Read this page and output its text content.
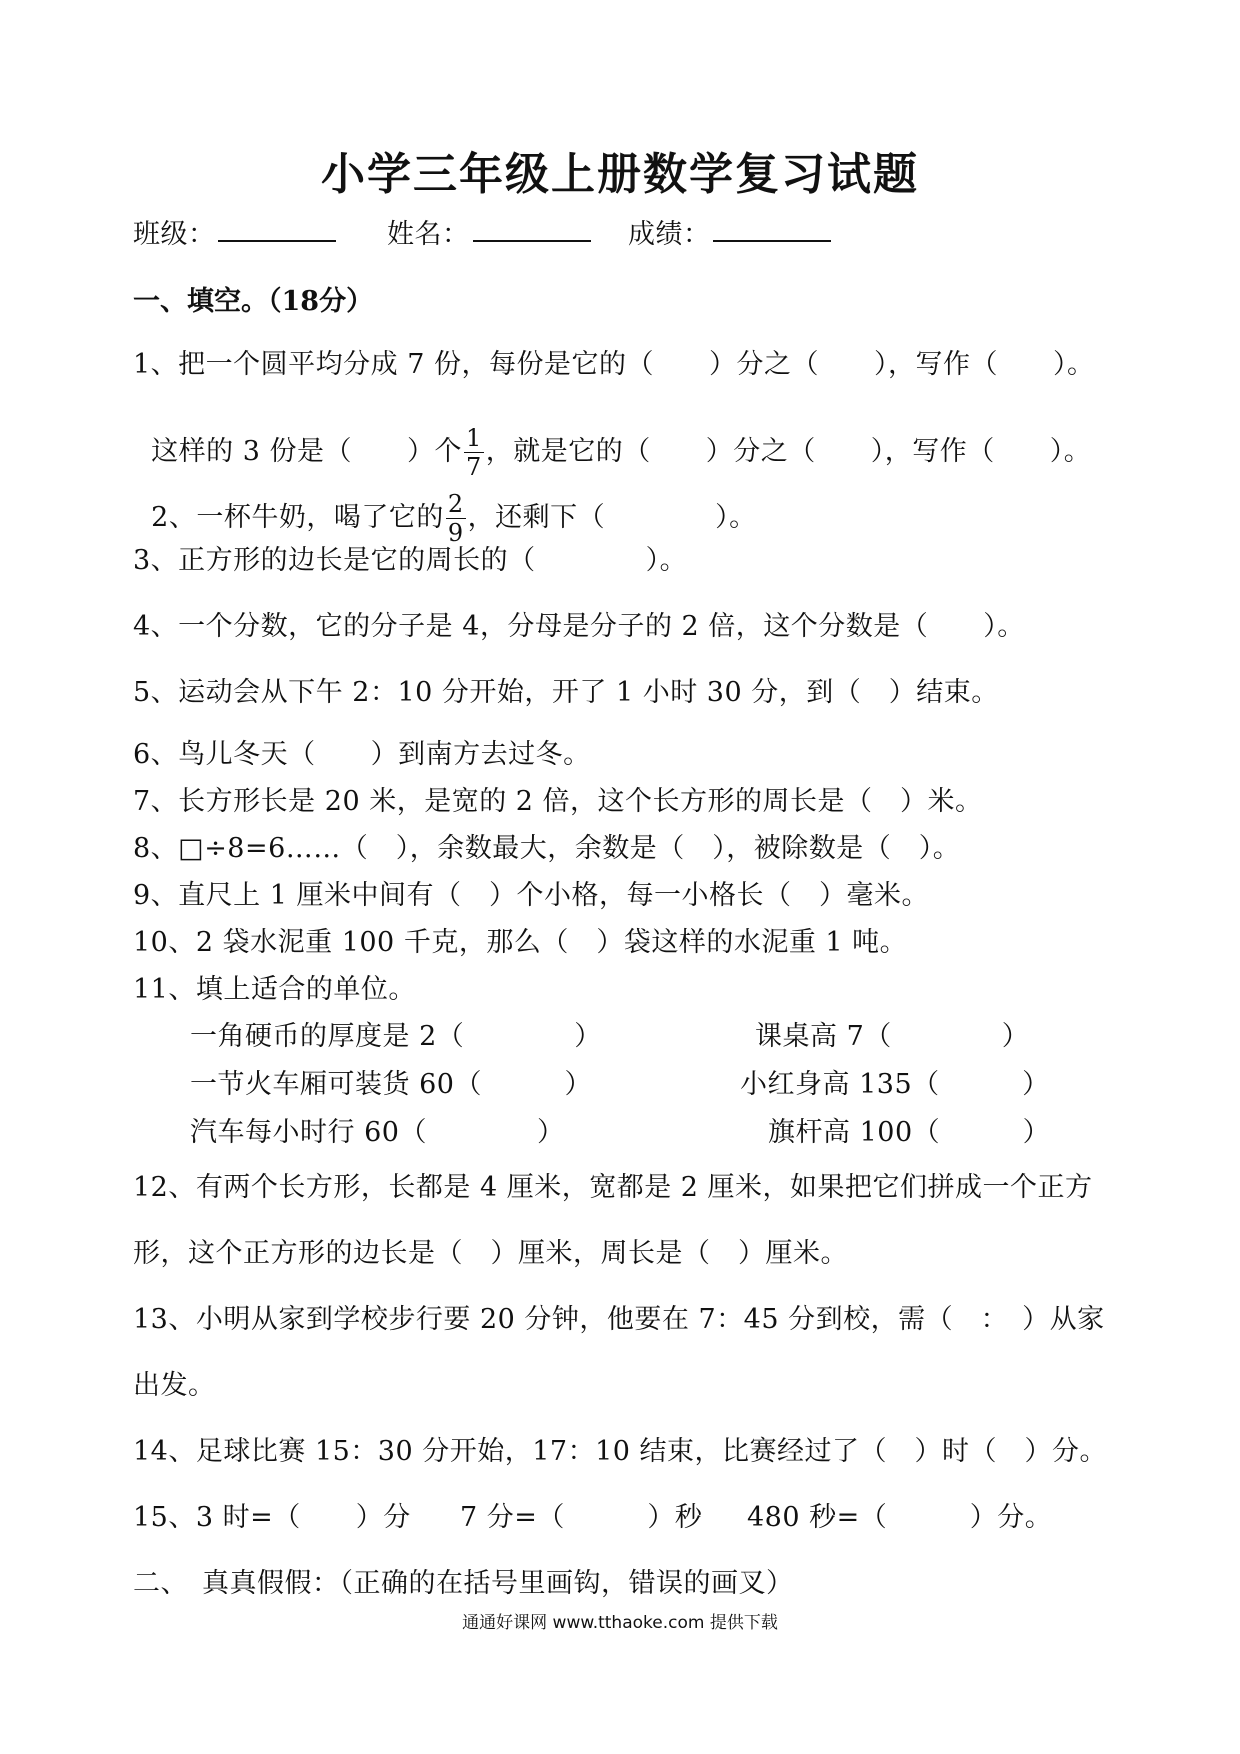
小学三年级上册数学复习试题
班级：	姓名：	成绩：
一、填空。（18分）
1、把一个圆平均分成 7 份，每份是它的（　　）分之（　　），写作（　　）。

这样的 3 份是（　　）个 $\frac{1}{7}$ ，就是它的（　　）分之（　　），写作（　　）。

2、一杯牛奶，喝了它的 $\frac{2}{9}$ ，还剩下（　　　　）。

3、正方形的边长是它的周长的（　　　　）。
4、一个分数，它的分子是 4，分母是分子的 2 倍，这个分数是（　　）。
5、运动会从下午 2：10 分开始，开了 1 小时 30 分，到（　）结束。
6、鸟儿冬天（　　）到南方去过冬。
7、长方形长是 20 米，是宽的 2 倍，这个长方形的周长是（　）米。
8、□÷8=6……（　），余数最大，余数是（　），被除数是（　）。
9、直尺上 1 厘米中间有（　）个小格，每一小格长（　）毫米。
10、2 袋水泥重 100 千克，那么（　）袋这样的水泥重 1 吨。
11、填上适合的单位。
一角硬币的厚度是 2（　　　　）	课桌高 7（　　　　）
一节火车厢可装货 60（　　　）	小红身高 135（　　　）
汽车每小时行 60（　　　　）	旗杆高 100（　　　）
12、有两个长方形，长都是 4 厘米，宽都是 2 厘米，如果把它们拼成一个正方
形，这个正方形的边长是（　）厘米，周长是（　）厘米。
13、小明从家到学校步行要 20 分钟，他要在 7：45 分到校，需（　：　）从家
出发。
14、足球比赛 15：30 分开始，17：10 结束，比赛经过了（　）时（　）分。
15、3 时=（　　）分 7 分=（　　　）秒 480 秒=（　　　）分。
二、　真真假假：（正确的在括号里画钩，错误的画叉）
通通好课网 www.tthaoke.com 提供下载
